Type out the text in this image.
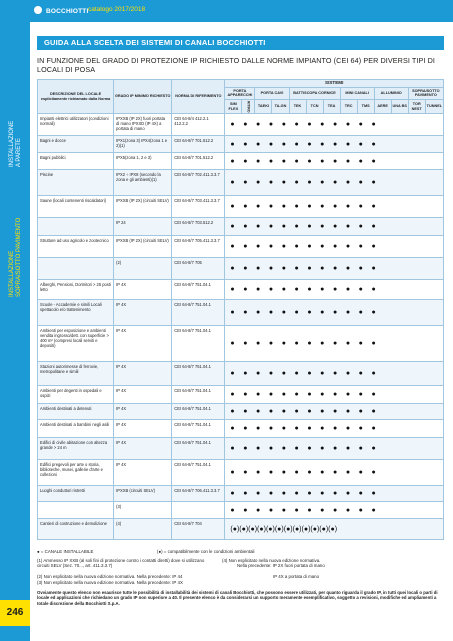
BOCCHIOTTI catalogo 2017/2018
INSTALLAZIONE A PARETE
INSTALLAZIONE SOPRA/SOTTO PAVIMENTO
246
GUIDA ALLA SCELTA DEI SISTEMI DI CANALI BOCCHIOTTI
IN FUNZIONE DEL GRADO DI PROTEZIONE IP RICHIESTO DALLE NORME IMPIANTO (CEI 64) PER DIVERSI TIPI DI LOCALI DI POSA
DESCRIZIONE DEL LOCALE
esplicitamente richiamato dalla Norma	GRADO IP MINIMO RICHIESTO	NORMA DI RIFERIMENTO	SISTEMI												
			PORTA APPARECCHI		PORTA CAVI		BATTISCOPA CORNICE			MINI CANALI		ALLUMINIO		SOPRA/SOTTO PAVIMENTO	
			SIM FLEX	RITIRO	TAEKI	TA-GN	TEK	TCN	TEA	TRC	TMS	AERE	UNA BS	TOR NEST	TUNNEL
Impianti elettrici utilizzatori (condizioni normali)	IPXXB (IP 2X) fuori portata di mano IPXXD (IP 4X) a portata di mano	CEI 64-8/4 412.2.1 412.2.2	●●●●●●●●●●●●												
Bagni e docce	IPX1(zona 3) IPX4(zona 1 e 2)(1)	CEI 64-8/7 701.512.2	●●●●●●●●●●●●												
Bagni pubblici	IPX5(zona 1, 2 e 3)	CEI 64-8/7 701.512.2	●●●●●●●●●●●●												
Piscine	IPX2 ÷ IPX8 (secondo la zona e gli ambienti)(1)	CEI 64-8/7 702.411.3.3.7	●●●●●●●●●●●●												
Saune (locali contenenti riscaldatori)	IPXXB (IP 2X) (circuiti SELV)	CEI 64-8/7 703.411.3.3.7	●●●●●●●●●●●●												
	IP 24	CEI 64-8/7 703.512.2	●●●●●●●●●●●●												
Strutture ad uso agricolo e zootecnico	IPXXB (IP 2X) (circuiti SELV)	CEI 64-8/7 705.411.3.3.7	●●●●●●●●●●●●												
	(2)	CEI 64-8/7 705	●●●●●●●●●●●●												
Alberghi, Pensioni, Dormitori > 25 posti letto	IP 4X	CEI 64-8/7 751.04.1	●●●●●●●●●●●●												
Scuole - Accademie e simili Locali spettacolo e/o trattenimento	IP 4X	CEI 64-8/7 751.04.1	●●●●●●●●●●●●												
Ambienti per esposizione e ambienti vendita ingrosso/dett. con superficie > 400 m² (compresi locali serviti e depositi)	IP 4X	CEI 64-8/7 751.04.1	●●●●●●●●●●●●												
Stazioni autorimesse di ferrovie, metropolitane e simili	IP 4X	CEI 64-8/7 751.04.1	●●●●●●●●●●●●												
Ambienti per degenti in ospedali e ospizi	IP 4X	CEI 64-8/7 751.04.1	●●●●●●●●●●●●												
Ambienti destinati a detenuti	IP 4X	CEI 64-8/7 751.04.1	●●●●●●●●●●●●												
Ambienti destinati a bambini negli asili	IP 4X	CEI 64-8/7 751.04.1	●●●●●●●●●●●●												
Edifici di civile abitazione con altezza grande > 24 m	IP 4X	CEI 64-8/7 751.04.1	●●●●●●●●●●●●												
Edifici pregevoli per arte o storia, biblioteche, musei, gallerie d'arte e collezioni	IP 4X	CEI 64-8/7 751.04.1	●●●●●●●●●●●●												
Luoghi conduttori ristretti	IPXXB (circuiti SELV)	CEI 64-8/7 706.411.3.3.7	●●●●●●●●●●●●												
	(3)		●●●●●●●●●●●●												
Cantieri di costruzione e demolizione	(4)	CEI 64-8/7 704	(●)(●)(●)(●)(●)(●)(●)(●)(●)(●)(●)(●)												
● = CANALE INSTALLABILE	(●) = compatibilmente con le condizioni ambientali
(1) Ammesso IP XXB (al soli fini di protezione contro i contatti diretti) dove si utilizzano circuiti SELV (Sez. 70..., art. 411.3.3.7)
(4) Non esplicitato nella nuova edizione normativa.
Nella precedente: IP 2X fuori portata di mano
(2) Non esplicitato nella nuova edizione normativa. Nella precedente: IP 44	IP 4X a portata di mano
(3) Non esplicitato nella nuova edizione normativa. Nella precedente: IP 4X
Ovviamente questo elenco non esaurisce tutte le possibilità di installabilità dei sistemi di canali Bocchiotti, che possono essere utilizzati, per quanto riguarda il grado IP, in tutti quei locali o parti di locale ed applicazioni che richiedano un grado IP non superiore a 40. Il presente elenco è da considerarsi un supporto meramente esemplificativo, soggetto a revisioni, modifiche ed ampliamenti a totale discrezione della Bocchiotti S.p.A.
